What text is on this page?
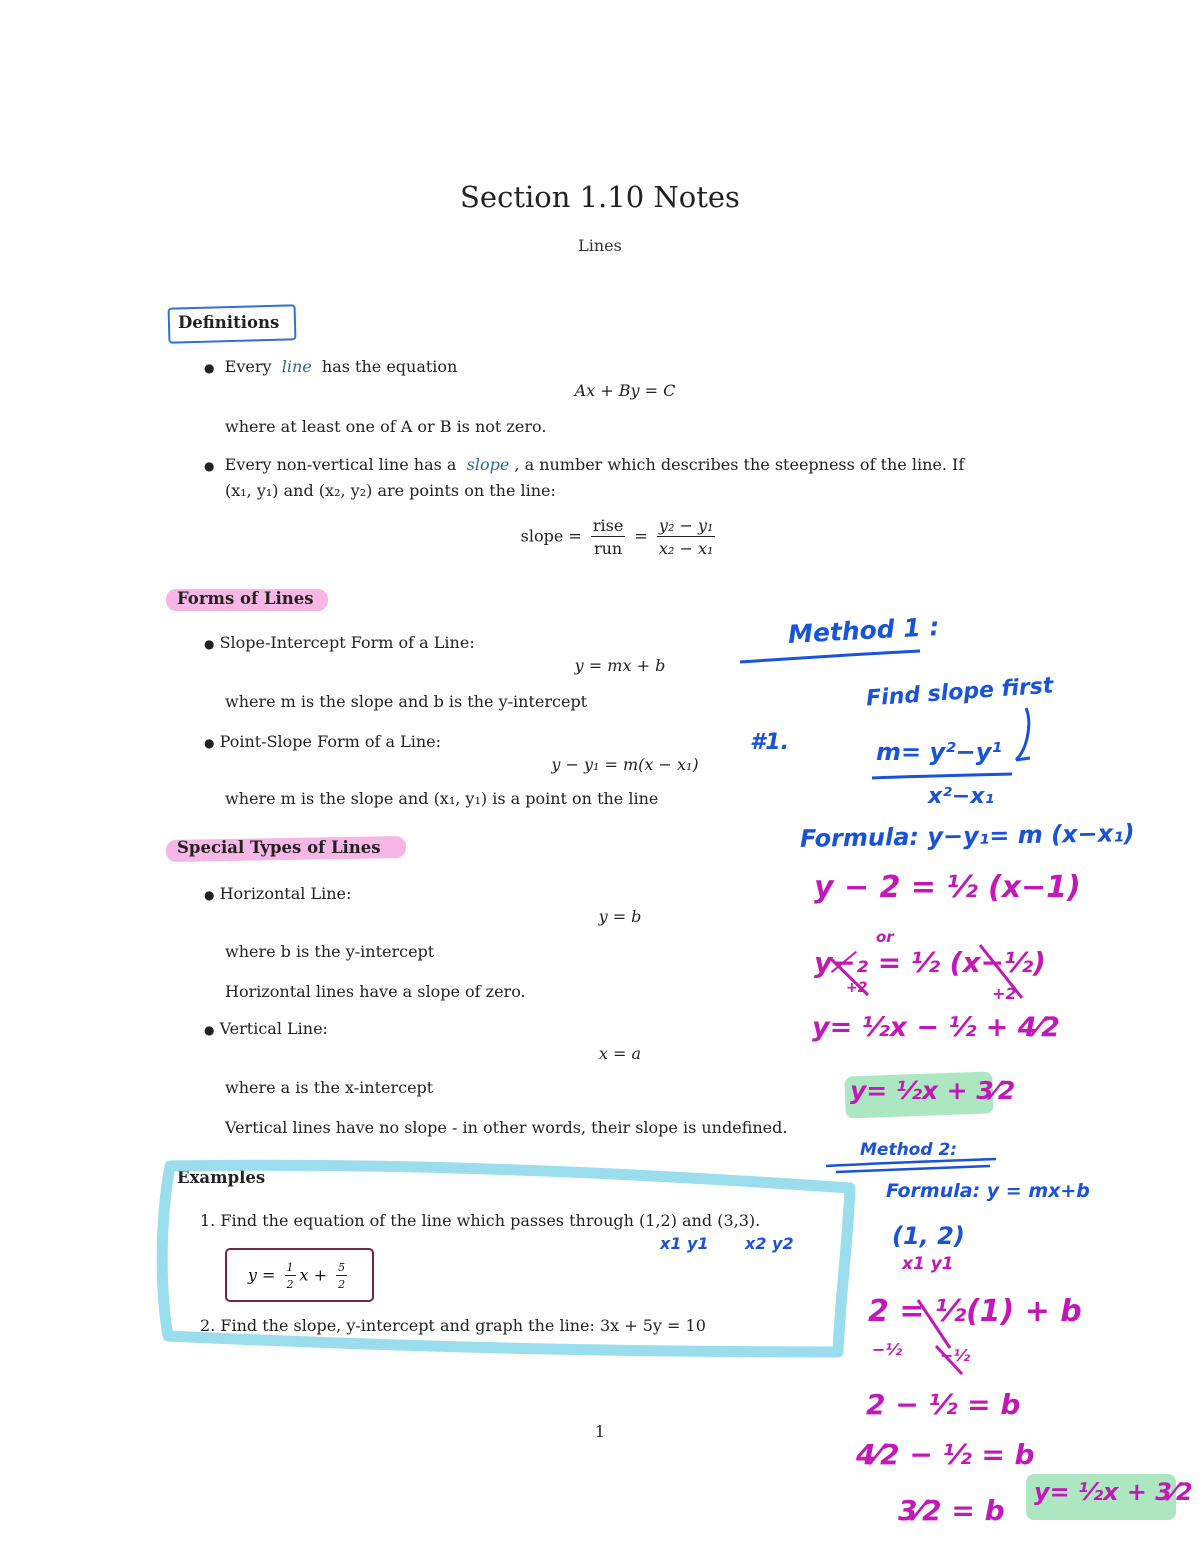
Section 1.10 Notes
Lines
Definitions
● Every line has the equation
Ax + By = C
where at least one of A or B is not zero.
● Every non-vertical line has a slope , a number which describes the steepness of the line. If
(x₁, y₁) and (x₂, y₂) are points on the line:
slope = $\frac{\text{rise}}{\text{run}} = \frac{\text{y₂ − y₁}}{\text{x₂ − x₁}}$
Forms of Lines
● Slope-Intercept Form of a Line:
y = mx + b
where m is the slope and b is the y-intercept
● Point-Slope Form of a Line:
y − y₁ = m(x − x₁)
where m is the slope and (x₁, y₁) is a point on the line
Special Types of Lines
● Horizontal Line:
y = b
where b is the y-intercept
Horizontal lines have a slope of zero.
● Vertical Line:
x = a
where a is the x-intercept
Vertical lines have no slope - in other words, their slope is undefined.
Examples
1. Find the equation of the line which passes through (1,2) and (3,3).
$y = \frac{1}{2}$ $x + \frac{5}{2}$
2. Find the slope, y-intercept and graph the line: 3x + 5y = 10
1
Method 1 :
Find slope first
#1.	m= y²−y¹
x²−x₁
Formula: y−y₁= m (x−x₁)
Method 2:
Formula: y = mx+b
(1, 2)
x1 y1
x1 y1 x2 y2
y − 2 = ½ (x−1)
or
y−̸₂ = ½ (x−½)
+2	+2
y= ½x − ½ + 4⁄2
y= ½x + 3⁄2
2 = ½(1) + b
−½ −½
2 − ½ = b
4⁄2 − ½ = b
3⁄2 = b
y= ½x + 3⁄2
